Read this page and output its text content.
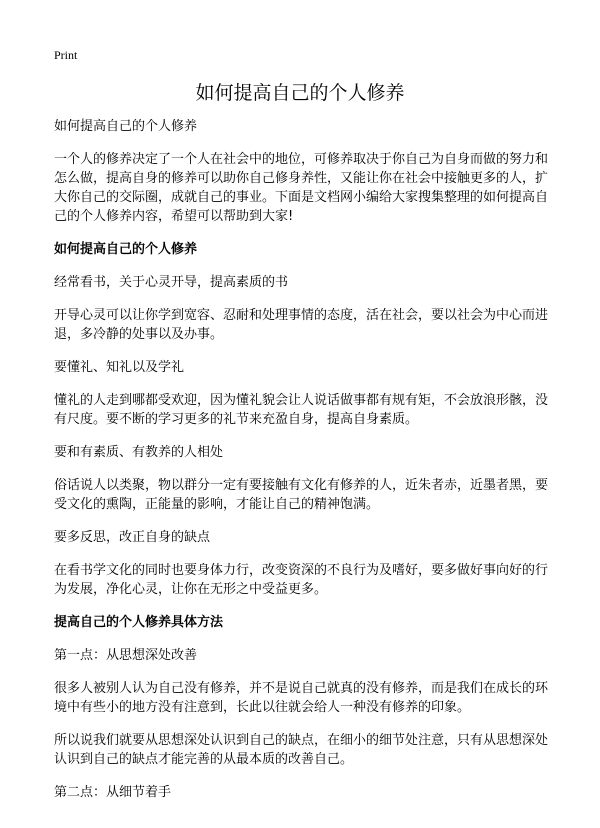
Print
如何提高自己的个人修养

如何提高自己的个人修养

一个人的修养决定了一个人在社会中的地位，可修养取决于你自己为自身而做的努力和怎么做，提高自身的修养可以助你自己修身养性，又能让你在社会中接触更多的人，扩大你自己的交际圈，成就自己的事业。下面是文档网小编给大家搜集整理的如何提高自己的个人修养内容，希望可以帮助到大家!

如何提高自己的个人修养

经常看书，关于心灵开导，提高素质的书

开导心灵可以让你学到宽容、忍耐和处理事情的态度，活在社会，要以社会为中心而进退，多冷静的处事以及办事。

要懂礼、知礼以及学礼

懂礼的人走到哪都受欢迎，因为懂礼貌会让人说话做事都有规有矩，不会放浪形骸，没有尺度。要不断的学习更多的礼节来充盈自身，提高自身素质。

要和有素质、有教养的人相处

俗话说人以类聚，物以群分一定有要接触有文化有修养的人，近朱者赤，近墨者黑，要受文化的熏陶，正能量的影响，才能让自己的精神饱满。

要多反思，改正自身的缺点

在看书学文化的同时也要身体力行，改变资深的不良行为及嗜好，要多做好事向好的行为发展，净化心灵，让你在无形之中受益更多。

提高自己的个人修养具体方法

第一点：从思想深处改善

很多人被别人认为自己没有修养，并不是说自己就真的没有修养，而是我们在成长的环境中有些小的地方没有注意到，长此以往就会给人一种没有修养的印象。

所以说我们就要从思想深处认识到自己的缺点，在细小的细节处注意，只有从思想深处认识到自己的缺点才能完善的从最本质的改善自己。

第二点：从细节着手
